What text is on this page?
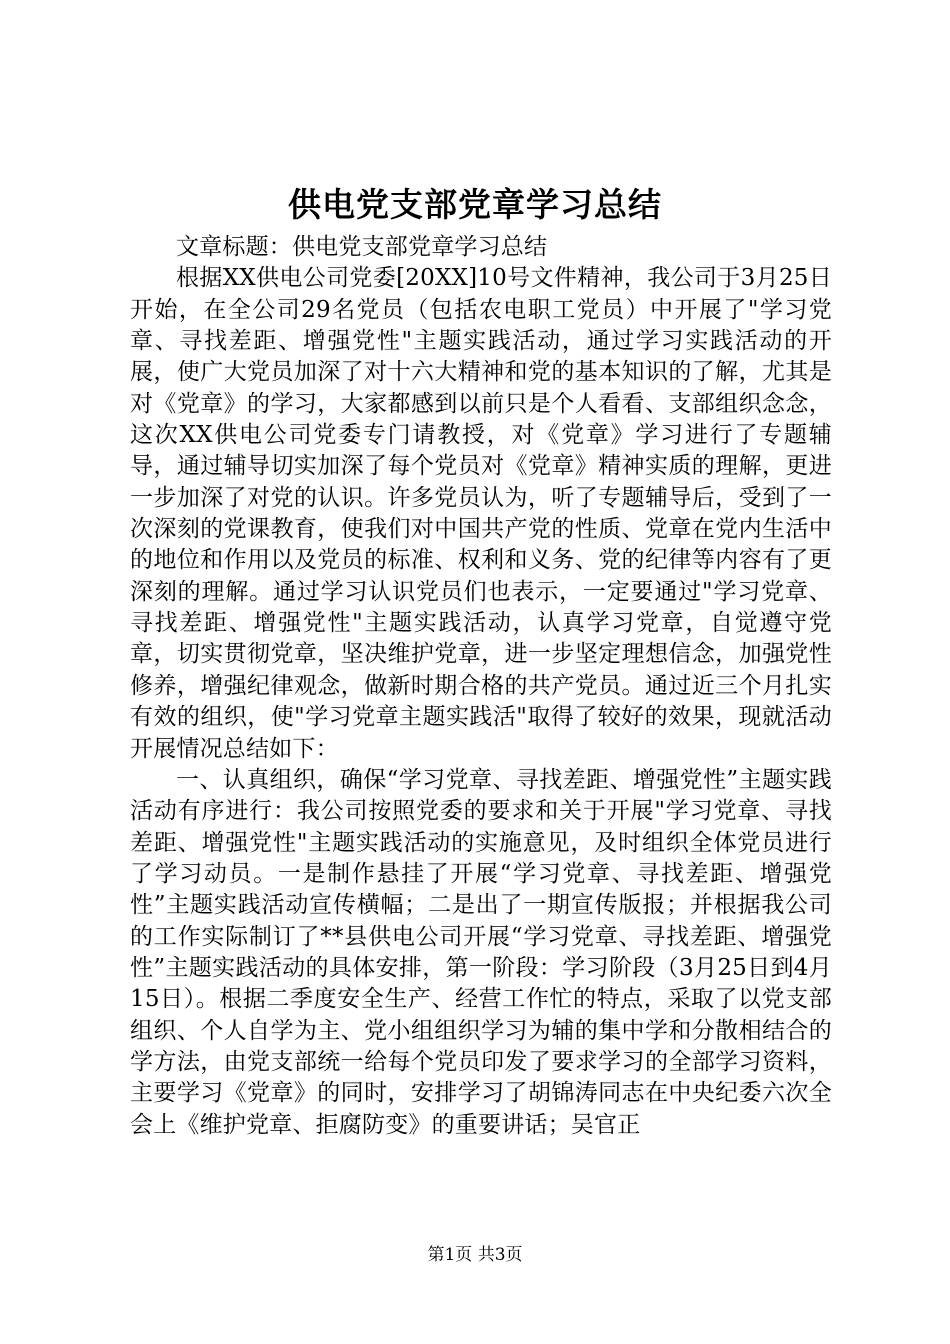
供电党支部党章学习总结

文章标题：供电党支部党章学习总结

根据XX供电公司党委[20XX]10号文件精神，我公司于3月25日开始，在全公司29名党员（包括农电职工党员）中开展了"学习党章、寻找差距、增强党性"主题实践活动，通过学习实践活动的开展，使广大党员加深了对十六大精神和党的基本知识的了解，尤其是对《党章》的学习，大家都感到以前只是个人看看、支部组织念念，这次XX供电公司党委专门请教授，对《党章》学习进行了专题辅导，通过辅导切实加深了每个党员对《党章》精神实质的理解，更进一步加深了对党的认识。许多党员认为，听了专题辅导后，受到了一次深刻的党课教育，使我们对中国共产党的性质、党章在党内生活中的地位和作用以及党员的标准、权利和义务、党的纪律等内容有了更深刻的理解。通过学习认识党员们也表示，一定要通过"学习党章、寻找差距、增强党性"主题实践活动，认真学习党章，自觉遵守党章，切实贯彻党章，坚决维护党章，进一步坚定理想信念，加强党性修养，增强纪律观念，做新时期合格的共产党员。通过近三个月扎实有效的组织，使"学习党章主题实践活"取得了较好的效果，现就活动开展情况总结如下：

一、认真组织，确保“学习党章、寻找差距、增强党性”主题实践活动有序进行：我公司按照党委的要求和关于开展"学习党章、寻找差距、增强党性"主题实践活动的实施意见，及时组织全体党员进行了学习动员。一是制作悬挂了开展“学习党章、寻找差距、增强党性”主题实践活动宣传横幅；二是出了一期宣传版报；并根据我公司的工作实际制订了**县供电公司开展“学习党章、寻找差距、增强党性”主题实践活动的具体安排，第一阶段：学习阶段（3月25日到4月15日）。根据二季度安全生产、经营工作忙的特点，采取了以党支部组织、个人自学为主、党小组组织学习为辅的集中学和分散相结合的学方法，由党支部统一给每个党员印发了要求学习的全部学习资料，主要学习《党章》的同时，安排学习了胡锦涛同志在中央纪委六次全会上《维护党章、拒腐防变》的重要讲话；吴官正

第1页 共3页
